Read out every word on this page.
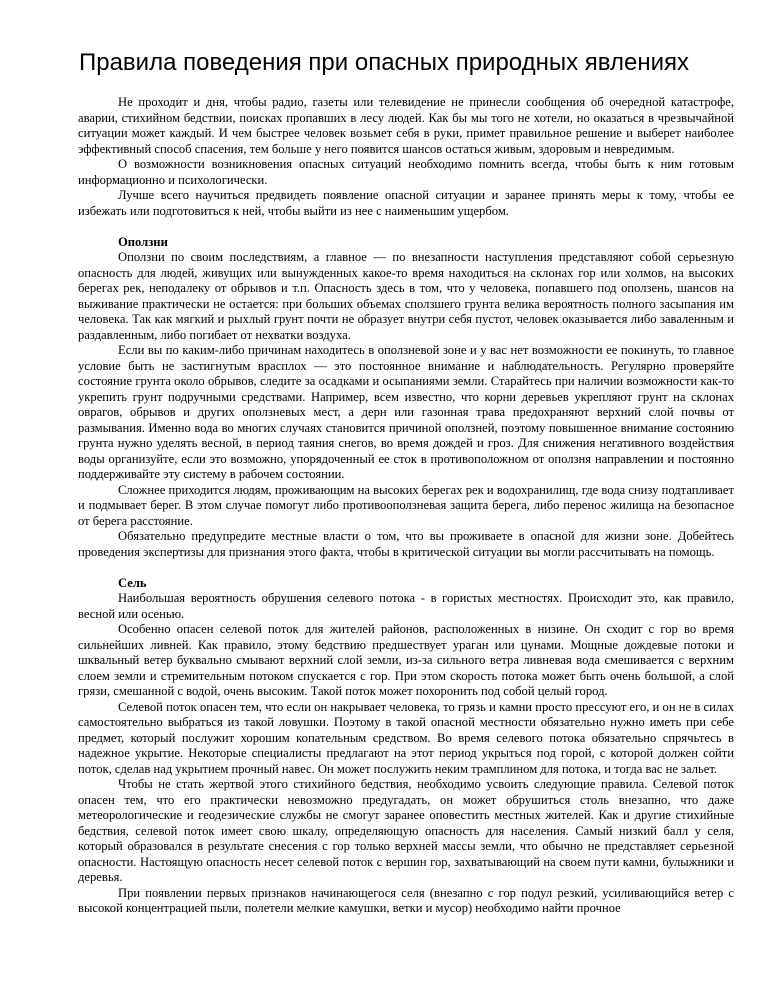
Правила поведения при опасных природных явлениях

Не проходит и дня, чтобы радио, газеты или телевидение не принесли сообщения об очередной катастрофе, аварии, стихийном бедствии, поисках пропавших в лесу людей. Как бы мы того не хотели, но оказаться в чрезвычайной ситуации может каждый. И чем быстрее человек возьмет себя в руки, примет правильное решение и выберет наиболее эффективный способ спасения, тем больше у него появится шансов остаться живым, здоровым и невредимым.

О возможности возникновения опасных ситуаций необходимо помнить всегда, чтобы быть к ним готовым информационно и психологически.

Лучше всего научиться предвидеть появление опасной ситуации и заранее принять меры к тому, чтобы ее избежать или подготовиться к ней, чтобы выйти из нее с наименьшим ущербом.

Оползни

Оползни по своим последствиям, а главное — по внезапности наступления представляют собой серьезную опасность для людей, живущих или вынужденных какое-то время находиться на склонах гор или холмов, на высоких берегах рек, неподалеку от обрывов и т.п. Опасность здесь в том, что у человека, попавшего под оползень, шансов на выживание практически не остается: при больших объемах сползшего грунта велика вероятность полного засыпания им человека. Так как мягкий и рыхлый грунт почти не образует внутри себя пустот, человек оказывается либо заваленным и раздавленным, либо погибает от нехватки воздуха.

Если вы по каким-либо причинам находитесь в оползневой зоне и у вас нет возможности ее покинуть, то главное условие быть не застигнутым врасплох — это постоянное внимание и наблюдательность. Регулярно проверяйте состояние грунта около обрывов, следите за осадками и осыпаниями земли. Старайтесь при наличии возможности как-то укрепить грунт подручными средствами. Например, всем известно, что корни деревьев укрепляют грунт на склонах оврагов, обрывов и других оползневых мест, а дерн или газонная трава предохраняют верхний слой почвы от размывания. Именно вода во многих случаях становится причиной оползней, поэтому повышенное внимание состоянию грунта нужно уделять весной, в период таяния снегов, во время дождей и гроз. Для снижения негативного воздействия воды организуйте, если это возможно, упорядоченный ее сток в противоположном от оползня направлении и постоянно поддерживайте эту систему в рабочем состоянии.

Сложнее приходится людям, проживающим на высоких берегах рек и водохранилищ, где вода снизу подтапливает и подмывает берег. В этом случае помогут либо противооползневая защита берега, либо перенос жилища на безопасное от берега расстояние.

Обязательно предупредите местные власти о том, что вы проживаете в опасной для жизни зоне. Добейтесь проведения экспертизы для признания этого факта, чтобы в критической ситуации вы могли рассчитывать на помощь.

Сель

Наибольшая вероятность обрушения селевого потока - в гористых местностях. Происходит это, как правило, весной или осенью.

Особенно опасен селевой поток для жителей районов, расположенных в низине. Он сходит с гор во время сильнейших ливней. Как правило, этому бедствию предшествует ураган или цунами. Мощные дождевые потоки и шквальный ветер буквально смывают верхний слой земли, из-за сильного ветра ливневая вода смешивается с верхним слоем земли и стремительным потоком спускается с гор. При этом скорость потока может быть очень большой, а слой грязи, смешанной с водой, очень высоким. Такой поток может похоронить под собой целый город.

Селевой поток опасен тем, что если он накрывает человека, то грязь и камни просто прессуют его, и он не в силах самостоятельно выбраться из такой ловушки. Поэтому в такой опасной местности обязательно нужно иметь при себе предмет, который послужит хорошим копательным средством. Во время селевого потока обязательно спрячьтесь в надежное укрытие. Некоторые специалисты предлагают на этот период укрыться под горой, с которой должен сойти поток, сделав над укрытием прочный навес. Он может послужить неким трамплином для потока, и тогда вас не зальет.

Чтобы не стать жертвой этого стихийного бедствия, необходимо усвоить следующие правила. Селевой поток опасен тем, что его практически невозможно предугадать, он может обрушиться столь внезапно, что даже метеорологические и геодезические службы не смогут заранее оповестить местных жителей. Как и другие стихийные бедствия, селевой поток имеет свою шкалу, определяющую опасность для населения. Самый низкий балл у селя, который образовался в результате снесения с гор только верхней массы земли, что обычно не представляет серьезной опасности. Настоящую опасность несет селевой поток с вершин гор, захватывающий на своем пути камни, булыжники и деревья.

При появлении первых признаков начинающегося селя (внезапно с гор подул резкий, усиливающийся ветер с высокой концентрацией пыли, полетели мелкие камушки, ветки и мусор) необходимо найти прочное
